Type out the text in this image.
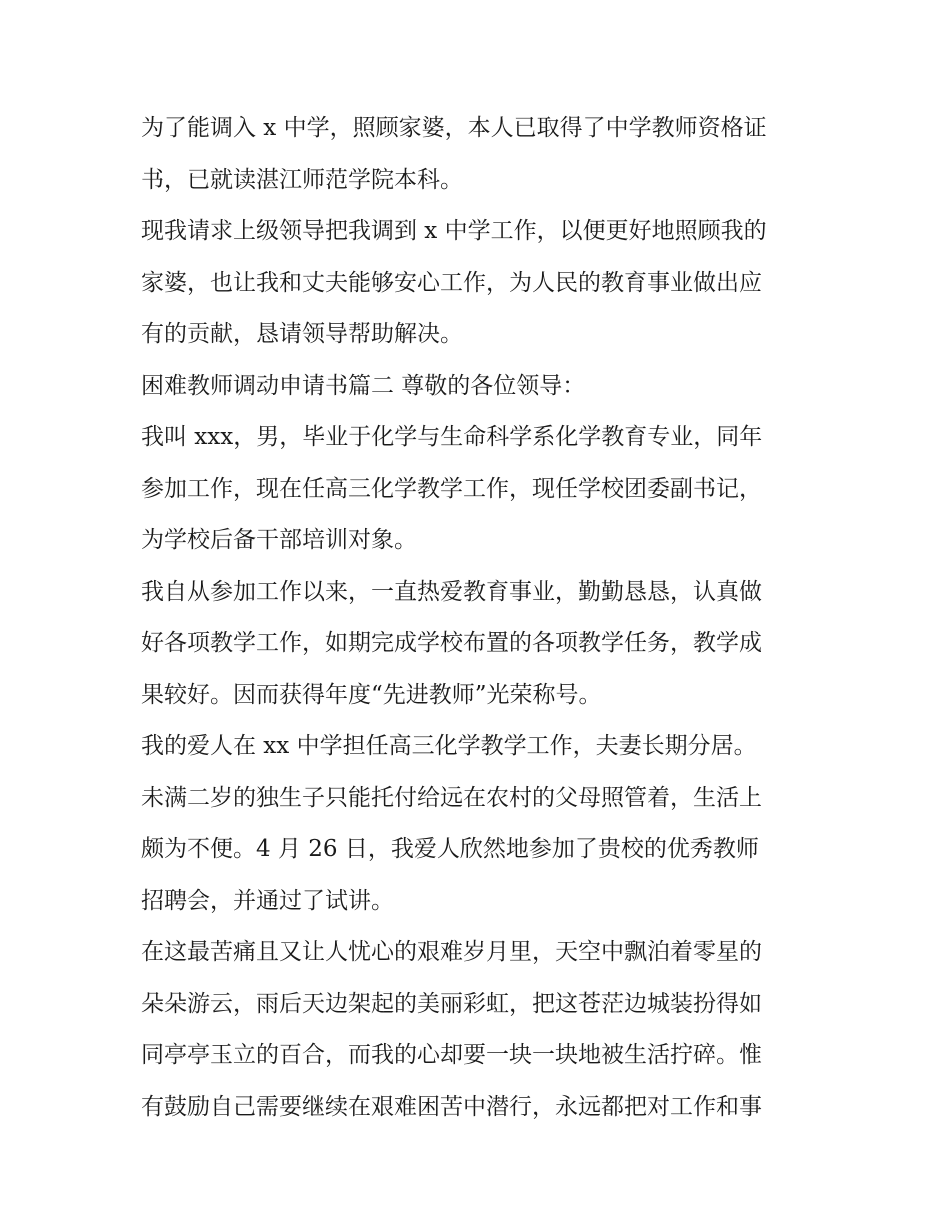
为了能调入 x 中学，照顾家婆，本人已取得了中学教师资格证
书，已就读湛江师范学院本科。
现我请求上级领导把我调到 x 中学工作，以便更好地照顾我的
家婆，也让我和丈夫能够安心工作，为人民的教育事业做出应
有的贡献，恳请领导帮助解决。
困难教师调动申请书篇二 尊敬的各位领导：
我叫 xxx，男，毕业于化学与生命科学系化学教育专业，同年
参加工作，现在任高三化学教学工作，现任学校团委副书记，
为学校后备干部培训对象。
我自从参加工作以来，一直热爱教育事业，勤勤恳恳，认真做
好各项教学工作，如期完成学校布置的各项教学任务，教学成
果较好。因而获得年度“先进教师”光荣称号。
我的爱人在 xx 中学担任高三化学教学工作，夫妻长期分居。
未满二岁的独生子只能托付给远在农村的父母照管着，生活上
颇为不便。4 月 26 日，我爱人欣然地参加了贵校的优秀教师
招聘会，并通过了试讲。
在这最苦痛且又让人忧心的艰难岁月里，天空中飘泊着零星的
朵朵游云，雨后天边架起的美丽彩虹，把这苍茫边城装扮得如
同亭亭玉立的百合，而我的心却要一块一块地被生活拧碎。惟
有鼓励自己需要继续在艰难困苦中潜行，永远都把对工作和事
